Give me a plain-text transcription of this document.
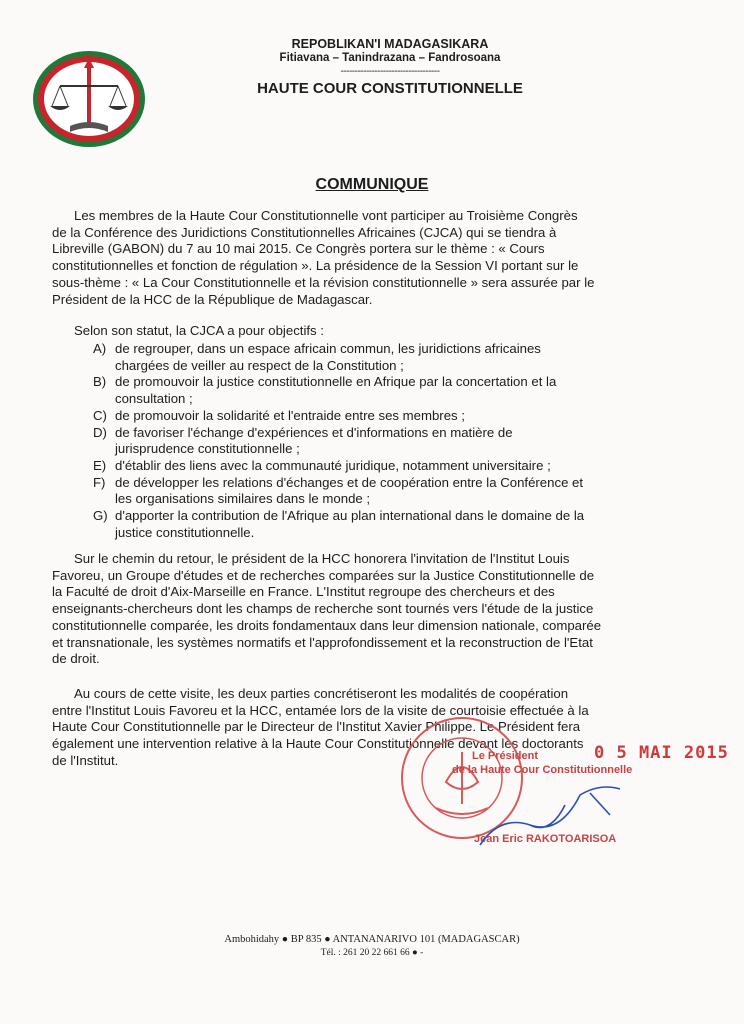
REPOBLIKAN'I MADAGASIKARA
Fitiavana – Tanindrazana – Fandrosoana
-----------------------------------
HAUTE COUR CONSTITUTIONNELLE
COMMUNIQUE
Les membres de la Haute Cour Constitutionnelle vont participer au Troisième Congrès
de la Conférence des Juridictions Constitutionnelles Africaines (CJCA) qui se tiendra à
Libreville (GABON) du 7 au 10 mai 2015. Ce Congrès portera sur le thème : « Cours
constitutionnelles et fonction de régulation ». La présidence de la Session VI portant sur le
sous-thème : « La Cour Constitutionnelle et la révision constitutionnelle » sera assurée par le
Président de la HCC de la République de Madagascar.
Selon son statut, la CJCA a pour objectifs :
A) de regrouper, dans un espace africain commun, les juridictions africaines
chargées de veiller au respect de la Constitution ;
B) de promouvoir la justice constitutionnelle en Afrique par la concertation et la
consultation ;
C) de promouvoir la solidarité et l'entraide entre ses membres ;
D) de favoriser l'échange d'expériences et d'informations en matière de
jurisprudence constitutionnelle ;
E) d'établir des liens avec la communauté juridique, notamment universitaire ;
F) de développer les relations d'échanges et de coopération entre la Conférence et
les organisations similaires dans le monde ;
G) d'apporter la contribution de l'Afrique au plan international dans le domaine de la
justice constitutionnelle.
Sur le chemin du retour, le président de la HCC honorera l'invitation de l'Institut Louis
Favoreu, un Groupe d'études et de recherches comparées sur la Justice Constitutionnelle de
la Faculté de droit d'Aix-Marseille en France. L'Institut regroupe des chercheurs et des
enseignants-chercheurs dont les champs de recherche sont tournés vers l'étude de la justice
constitutionnelle comparée, les droits fondamentaux dans leur dimension nationale, comparée
et transnationale, les systèmes normatifs et l'approfondissement et la reconstruction de l'Etat
de droit.
Au cours de cette visite, les deux parties concrétiseront les modalités de coopération
entre l'Institut Louis Favoreu et la HCC, entamée lors de la visite de courtoisie effectuée à la
Haute Cour Constitutionnelle par le Directeur de l'Institut Xavier Philippe. Le Président fera
également une intervention relative à la Haute Cour Constitutionnelle devant les doctorants
de l'Institut.	Le Président	0 5 MAI 2015
de la Haute Cour Constitutionnelle
Jean Eric RAKOTOARISOA
Ambohidahy ● BP 835 ● ANTANANARIVO 101 (MADAGASCAR)
Tél. : 261 20 22 661 66 ● -
